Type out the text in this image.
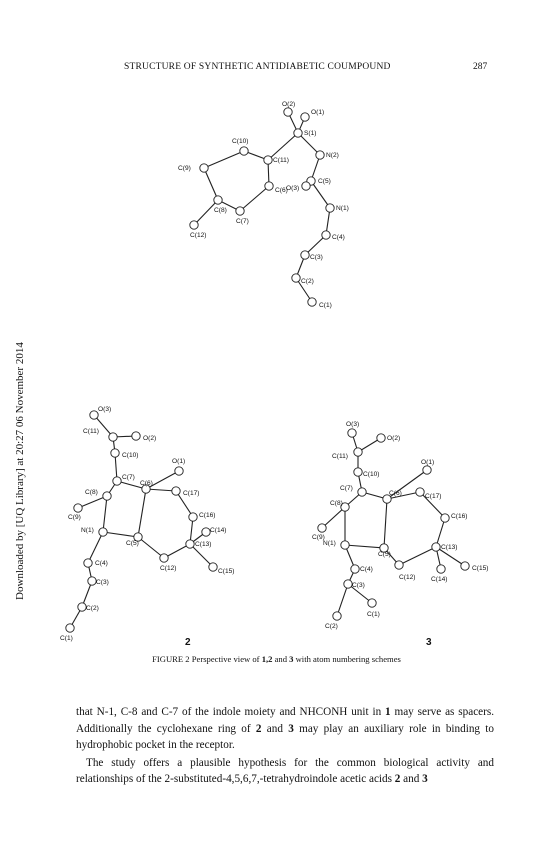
STRUCTURE OF SYNTHETIC ANTIDIABETIC COUMPOUND	287
Downloaded by [UQ Library] at 20:27 06 November 2014
O(2)
O(1)
S(1)
C(10)
C(11)
N(2)
C(9)
C(5)
C(6)
O(3)
C(8)
C(7)
N(1)
C(12)	C(4)
C(3)
C(2)
C(1)
O(3)
C(11)
O(2)
C(10)
O(1)
C(7)
C(6)
C(17)
C(8)
C(9)	C(16)
C(14)
N(1)
C(5)	C(13)
C(4)
C(12)	C(15)
C(3)
C(2)
C(1)
O(3)
O(2)
C(11)
C(10)
O(1)
C(7)
C(6)	C(17)
C(8)
C(16)
C(9)
N(1)
C(5)
C(13)
C(4)
C(12) C(14)
C(15)
C(3)
C(1)
C(2)
2	3
FIGURE 2 Perspective view of 1,2 and 3 with atom numbering schemes

that N-1, C-8 and C-7 of the indole moiety and NHCONH unit in 1 may serve as spacers. Additionally the cyclohexane ring of 2 and 3 may play an auxiliary role in binding to hydrophobic pocket in the receptor.

The study offers a plausible hypothesis for the common biological activity and relationships of the 2-substituted-4,5,6,7,-tetrahydroindole acetic acids 2 and 3
